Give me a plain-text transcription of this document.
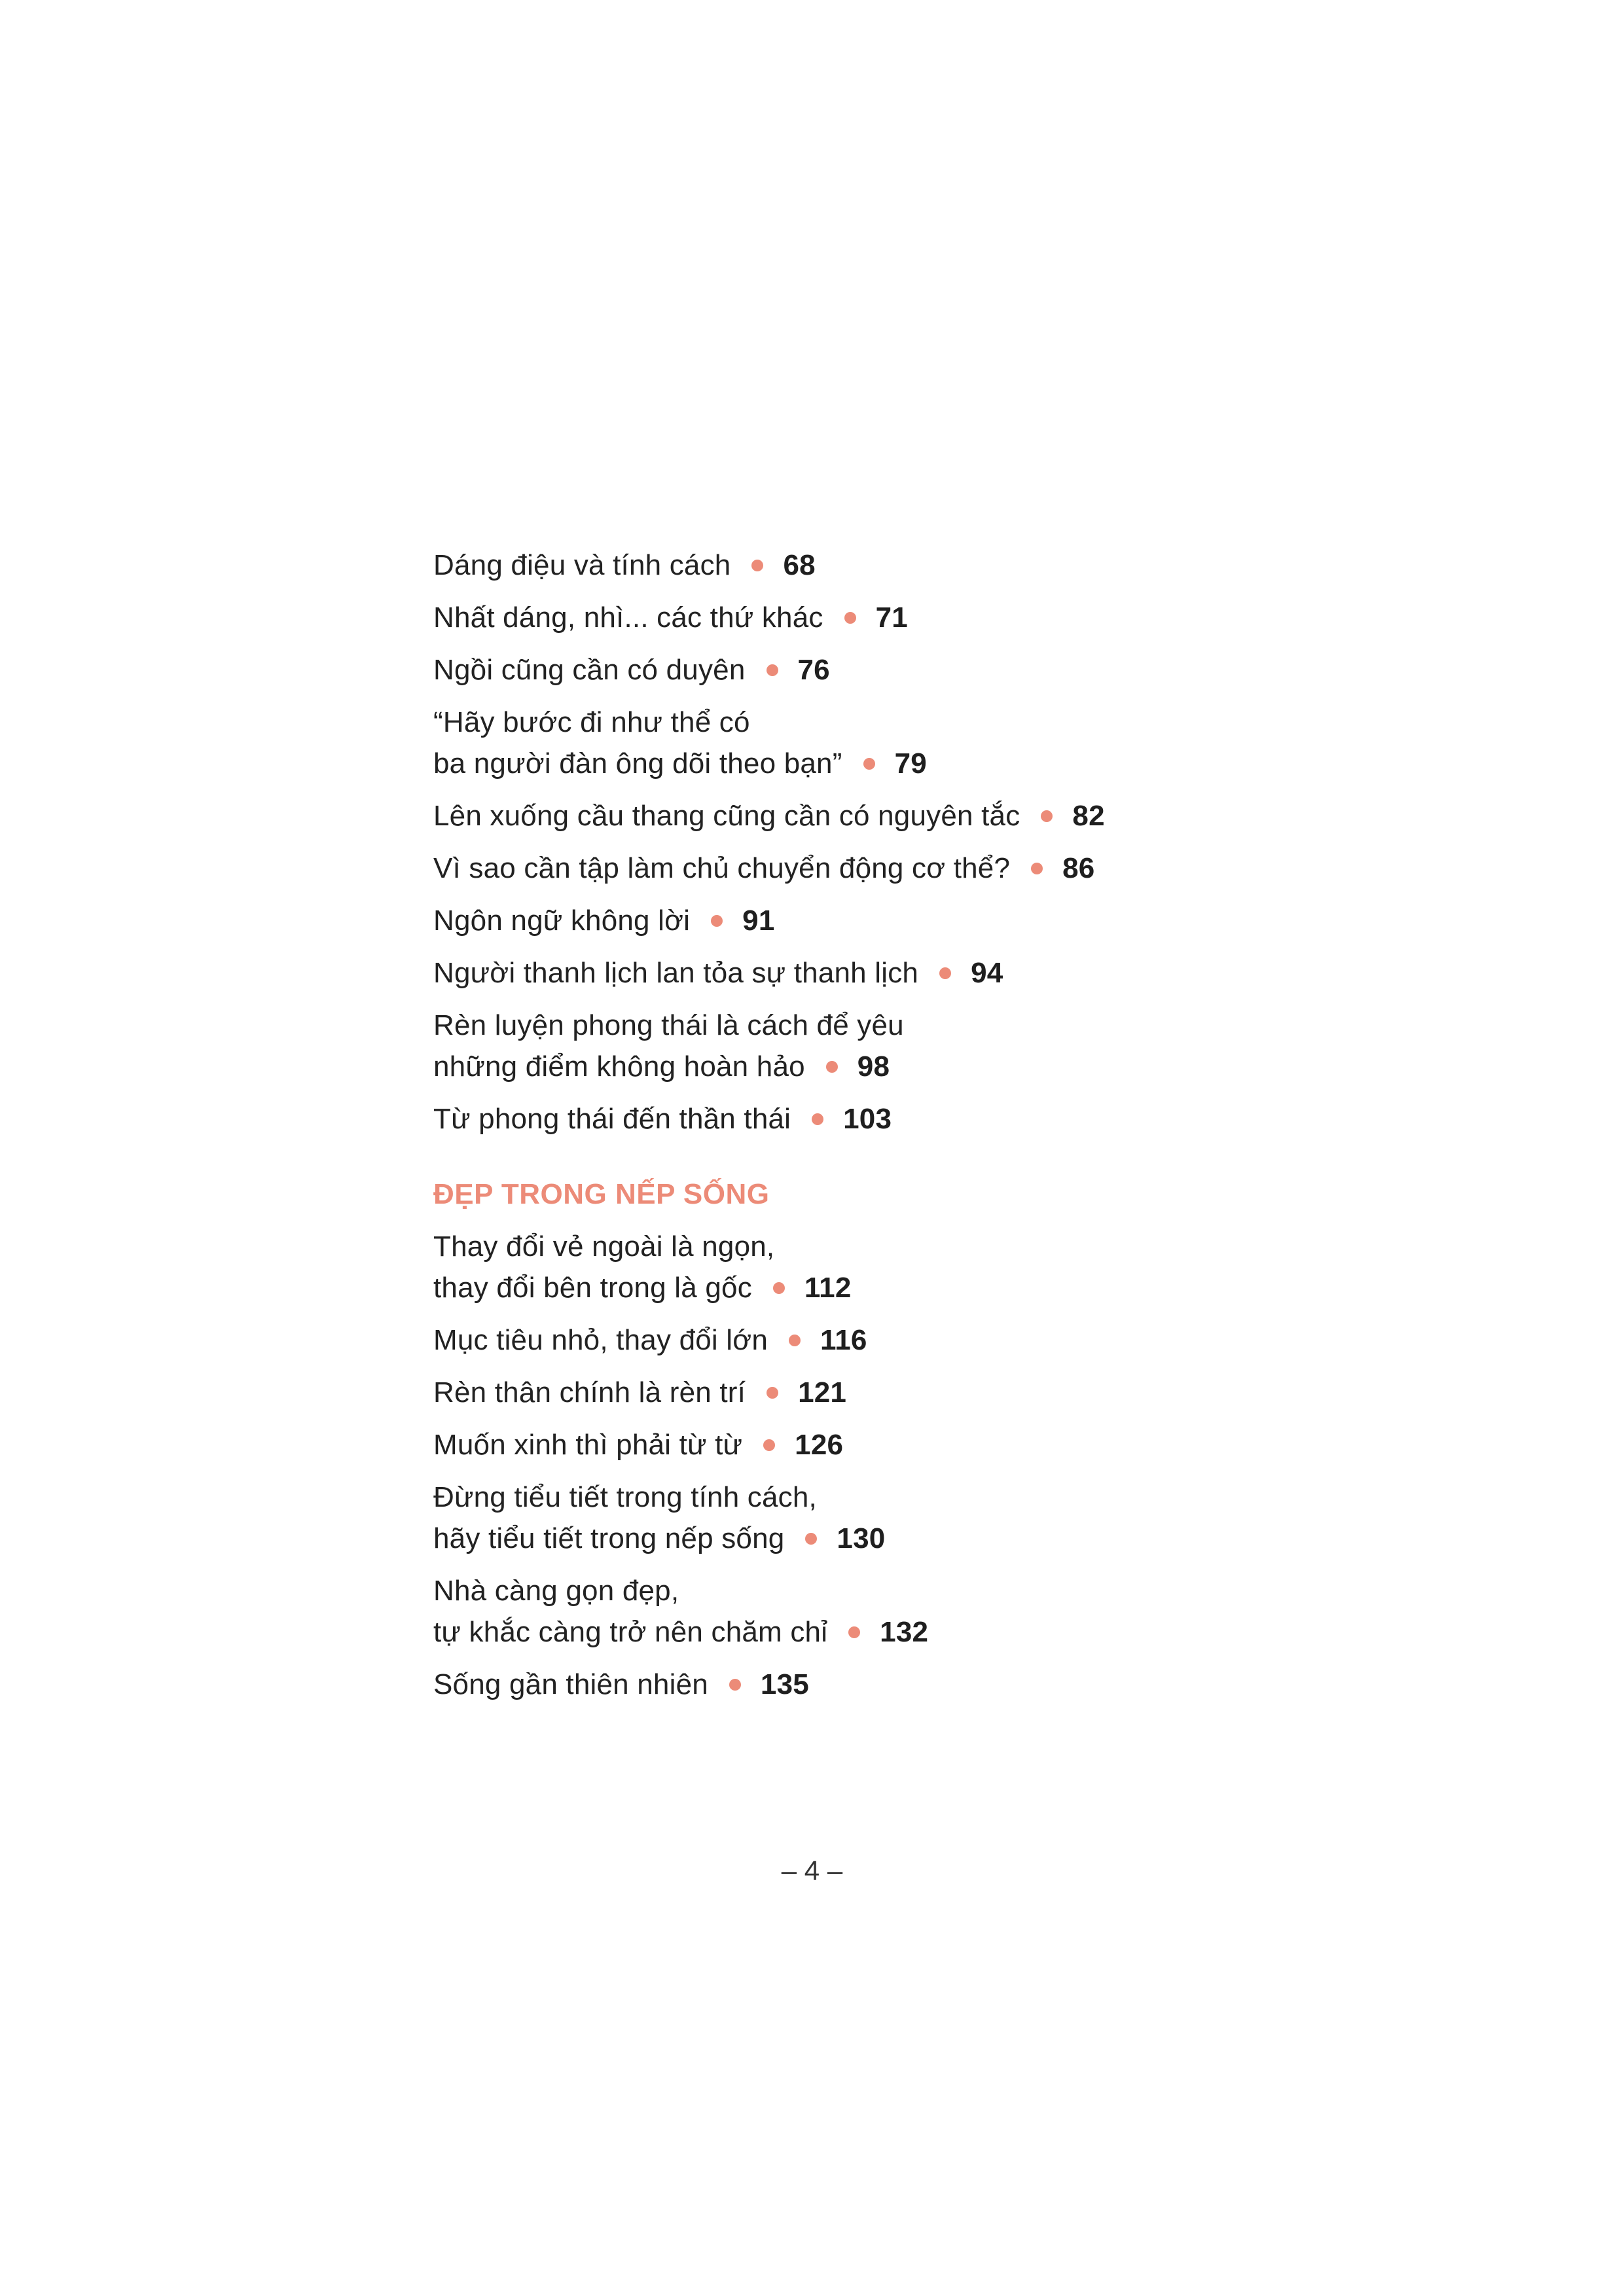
Dáng điệu và tính cách 68
Nhất dáng, nhì... các thứ khác 71
Ngồi cũng cần có duyên 76
“Hãy bước đi như thể có
ba người đàn ông dõi theo bạn” 79
Lên xuống cầu thang cũng cần có nguyên tắc 82
Vì sao cần tập làm chủ chuyển động cơ thể? 86
Ngôn ngữ không lời 91
Người thanh lịch lan tỏa sự thanh lịch 94
Rèn luyện phong thái là cách để yêu
những điểm không hoàn hảo 98
Từ phong thái đến thần thái 103
ĐẸP TRONG NẾP SỐNG
Thay đổi vẻ ngoài là ngọn,
thay đổi bên trong là gốc 112
Mục tiêu nhỏ, thay đổi lớn 116
Rèn thân chính là rèn trí 121
Muốn xinh thì phải từ từ 126
Đừng tiểu tiết trong tính cách,
hãy tiểu tiết trong nếp sống 130
Nhà càng gọn đẹp,
tự khắc càng trở nên chăm chỉ 132
Sống gần thiên nhiên 135
– 4 –
